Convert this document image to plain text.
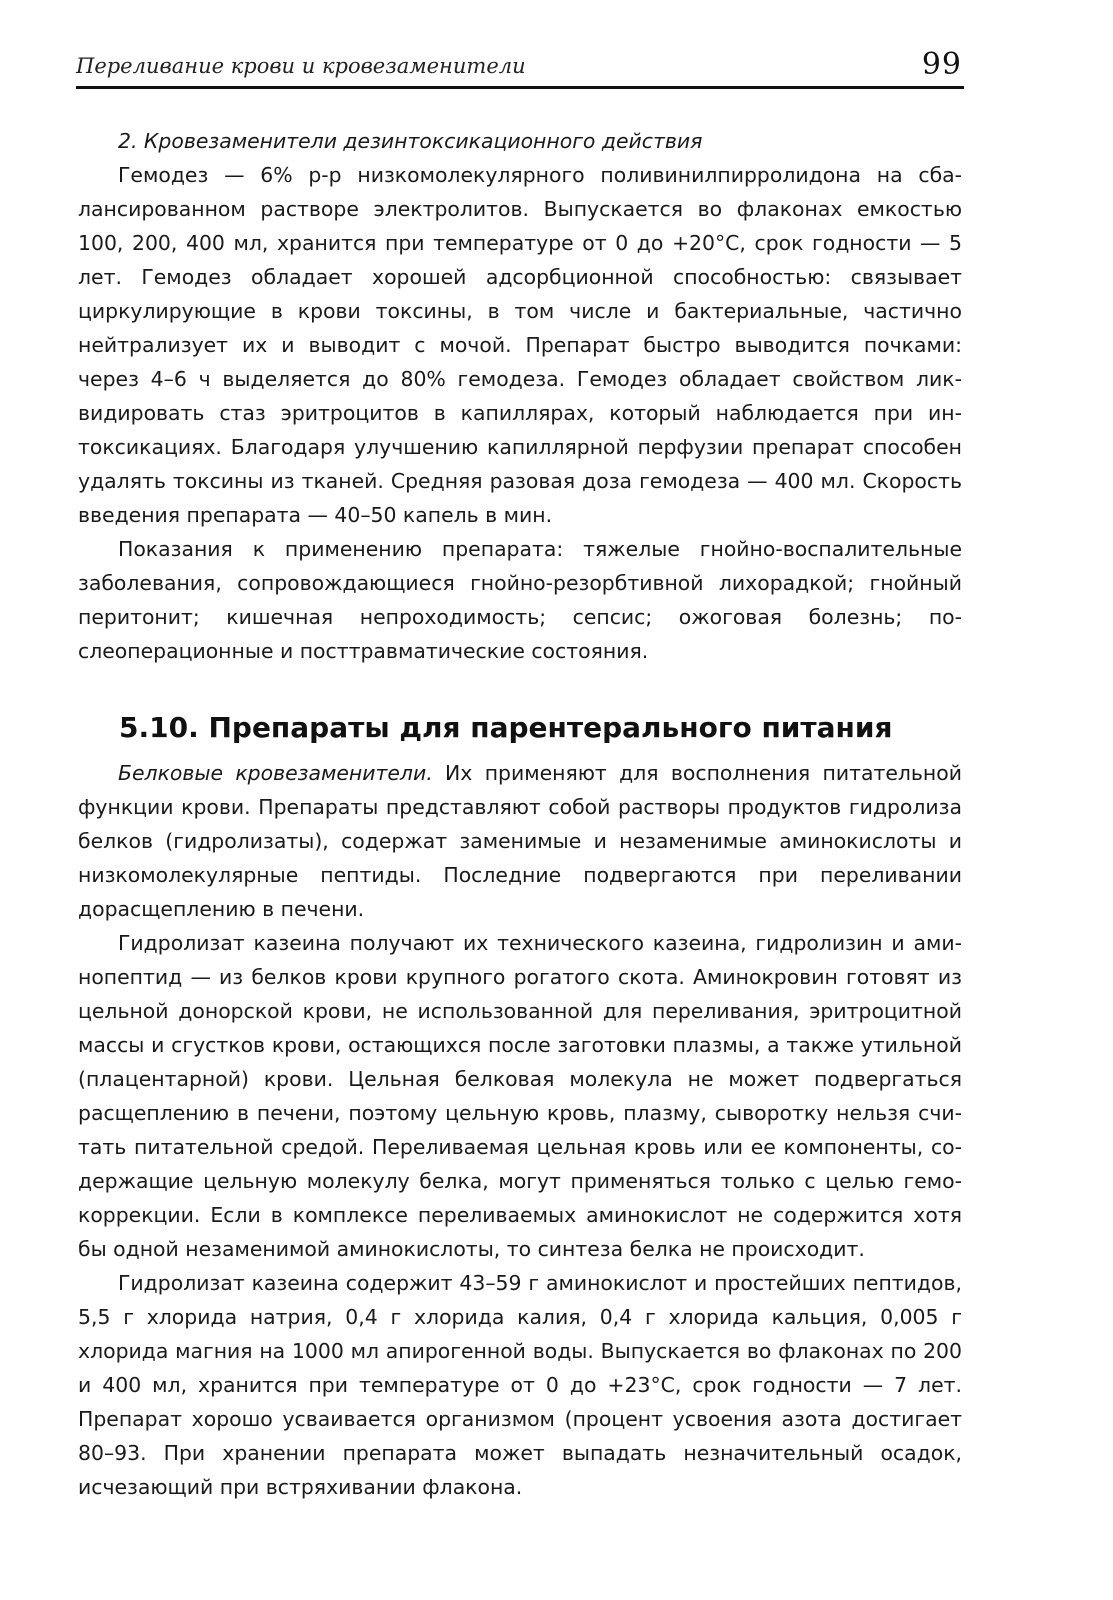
Переливание крови и кровезаменители	99

2. Кровезаменители дезинтоксикационного действия

Гемодез — 6% р-р низкомолекулярного поливинилпирролидона на сбалансированном растворе электролитов. Выпускается во флаконах емкостью 100, 200, 400 мл, хранится при температуре от 0 до +20°С, срок годности — 5 лет. Гемодез обладает хорошей адсорбционной способностью: связывает циркулирующие в крови токсины, в том числе и бактериальные, частично нейтрализует их и выводит с мочой. Препарат быстро выводится почками: через 4–6 ч выделяется до 80% гемодеза. Гемодез обладает свойством ликвидировать стаз эритроцитов в капиллярах, который наблюдается при интоксикациях. Благодаря улучшению капиллярной перфузии препарат способен удалять токсины из тканей. Средняя разовая доза гемодеза — 400 мл. Скорость введения препарата — 40–50 капель в мин.

Показания к применению препарата: тяжелые гнойно-воспалительные заболевания, сопровождающиеся гнойно-резорбтивной лихорадкой; гнойный перитонит; кишечная непроходимость; сепсис; ожоговая болезнь; послеоперационные и посттравматические состояния.

5.10. Препараты для парентерального питания

Белковые кровезаменители. Их применяют для восполнения питательной функции крови. Препараты представляют собой растворы продуктов гидролиза белков (гидролизаты), содержат заменимые и незаменимые аминокислоты и низкомолекулярные пептиды. Последние подвергаются при переливании дорасщеплению в печени.

Гидролизат казеина получают их технического казеина, гидролизин и аминопептид — из белков крови крупного рогатого скота. Аминокровин готовят из цельной донорской крови, не использованной для переливания, эритроцитной массы и сгустков крови, остающихся после заготовки плазмы, а также утильной (плацентарной) крови. Цельная белковая молекула не может подвергаться расщеплению в печени, поэтому цельную кровь, плазму, сыворотку нельзя считать питательной средой. Переливаемая цельная кровь или ее компоненты, содержащие цельную молекулу белка, могут применяться только с целью гемокоррекции. Если в комплексе переливаемых аминокислот не содержится хотя бы одной незаменимой аминокислоты, то синтеза белка не происходит.

Гидролизат казеина содержит 43–59 г аминокислот и простейших пептидов, 5,5 г хлорида натрия, 0,4 г хлорида калия, 0,4 г хлорида кальция, 0,005 г хлорида магния на 1000 мл апирогенной воды. Выпускается во флаконах по 200 и 400 мл, хранится при температуре от 0 до +23°С, срок годности — 7 лет. Препарат хорошо усваивается организмом (процент усвоения азота достигает 80–93. При хранении препарата может выпадать незначительный осадок, исчезающий при встряхивании флакона.
